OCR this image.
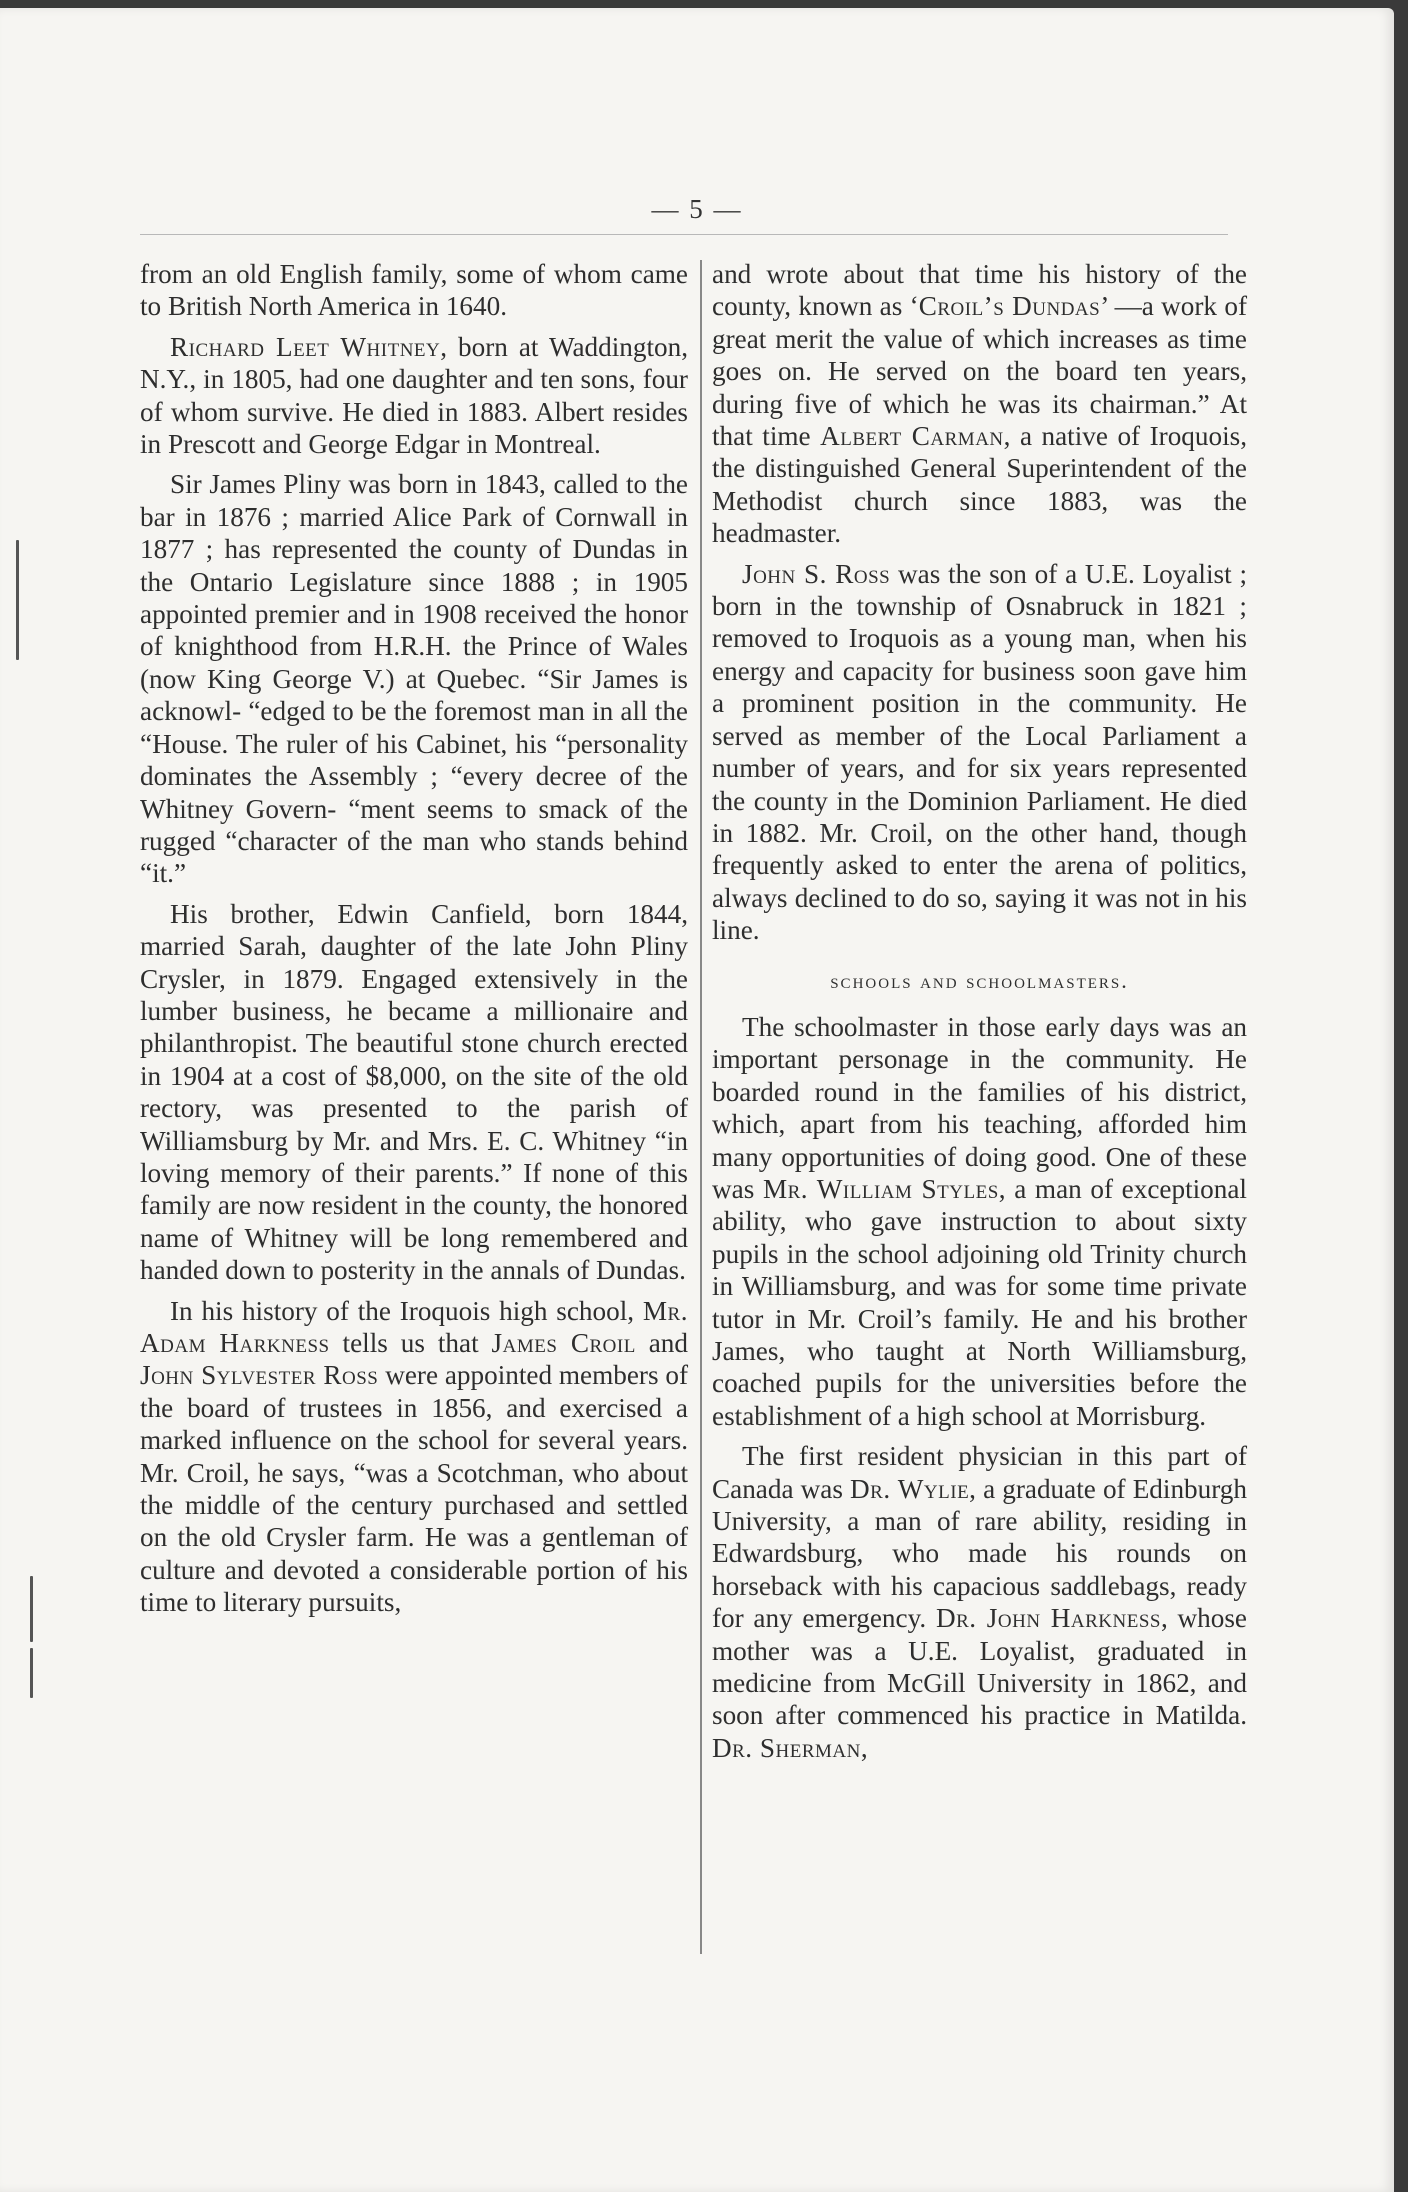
— 5 —

from an old English family, some of whom came to British North America in 1640.

Richard Leet Whitney, born at Waddington, N.Y., in 1805, had one daughter and ten sons, four of whom survive. He died in 1883. Albert resides in Prescott and George Edgar in Montreal.

Sir James Pliny was born in 1843, called to the bar in 1876 ; married Alice Park of Cornwall in 1877 ; has represented the county of Dundas in the Ontario Legislature since 1888 ; in 1905 appointed premier and in 1908 received the honor of knighthood from H.R.H. the Prince of Wales (now King George V.) at Quebec. “Sir James is acknowl- “edged to be the foremost man in all the “House. The ruler of his Cabinet, his “personality dominates the Assembly ; “every decree of the Whitney Govern- “ment seems to smack of the rugged “character of the man who stands behind “it.”

His brother, Edwin Canfield, born 1844, married Sarah, daughter of the late John Pliny Crysler, in 1879. Engaged extensively in the lumber business, he became a millionaire and philanthropist. The beautiful stone church erected in 1904 at a cost of $8,000, on the site of the old rectory, was presented to the parish of Williamsburg by Mr. and Mrs. E. C. Whitney “in loving memory of their parents.” If none of this family are now resident in the county, the honored name of Whitney will be long remembered and handed down to posterity in the annals of Dundas.

In his history of the Iroquois high school, Mr. Adam Harkness tells us that James Croil and John Sylvester Ross were appointed members of the board of trustees in 1856, and exercised a marked influence on the school for several years. Mr. Croil, he says, “was a Scotchman, who about the middle of the century purchased and settled on the old Crysler farm. He was a gentleman of culture and devoted a considerable portion of his time to literary pursuits,

and wrote about that time his history of the county, known as ‘Croil’s Dundas’ —a work of great merit the value of which increases as time goes on. He served on the board ten years, during five of which he was its chairman.” At that time Albert Carman, a native of Iroquois, the distinguished General Superintendent of the Methodist church since 1883, was the headmaster.

John S. Ross was the son of a U.E. Loyalist ; born in the township of Osnabruck in 1821 ; removed to Iroquois as a young man, when his energy and capacity for business soon gave him a prominent position in the community. He served as member of the Local Parliament a number of years, and for six years represented the county in the Dominion Parliament. He died in 1882. Mr. Croil, on the other hand, though frequently asked to enter the arena of politics, always declined to do so, saying it was not in his line.

schools and schoolmasters.

The schoolmaster in those early days was an important personage in the community. He boarded round in the families of his district, which, apart from his teaching, afforded him many opportunities of doing good. One of these was Mr. William Styles, a man of exceptional ability, who gave instruction to about sixty pupils in the school adjoining old Trinity church in Williamsburg, and was for some time private tutor in Mr. Croil’s family. He and his brother James, who taught at North Williamsburg, coached pupils for the universities before the establishment of a high school at Morrisburg.

The first resident physician in this part of Canada was Dr. Wylie, a graduate of Edinburgh University, a man of rare ability, residing in Edwardsburg, who made his rounds on horseback with his capacious saddlebags, ready for any emergency. Dr. John Harkness, whose mother was a U.E. Loyalist, graduated in medicine from McGill University in 1862, and soon after commenced his practice in Matilda. Dr. Sherman,
